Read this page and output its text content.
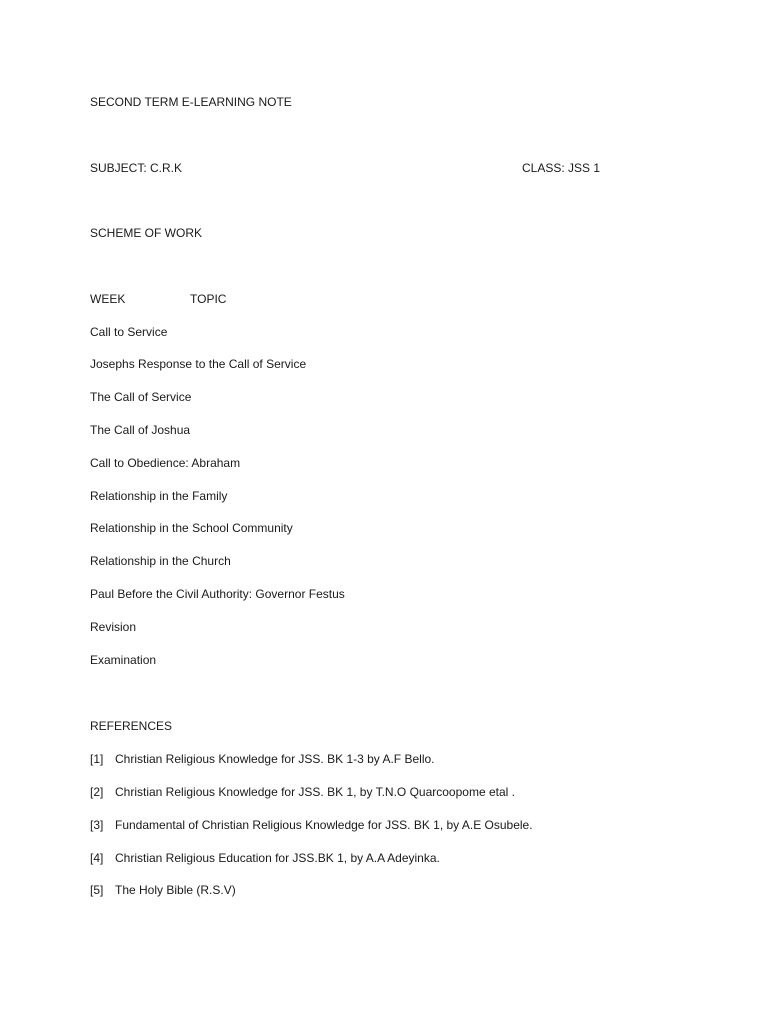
SECOND TERM E-LEARNING NOTE
SUBJECT: C.R.K	CLASS: JSS 1
SCHEME OF WORK
WEEK	TOPIC
Call to Service
Josephs Response to the Call of Service
The Call of Service
The Call of Joshua
Call to Obedience: Abraham
Relationship in the Family
Relationship in the School Community
Relationship in the Church
Paul Before the Civil Authority: Governor Festus
Revision
Examination
REFERENCES
[1] Christian Religious Knowledge for JSS. BK 1-3 by A.F Bello.
[2] Christian Religious Knowledge for JSS. BK 1, by T.N.O Quarcoopome etal .
[3] Fundamental of Christian Religious Knowledge for JSS. BK 1, by A.E Osubele.
[4] Christian Religious Education for JSS.BK 1, by A.A Adeyinka.
[5] The Holy Bible (R.S.V)
